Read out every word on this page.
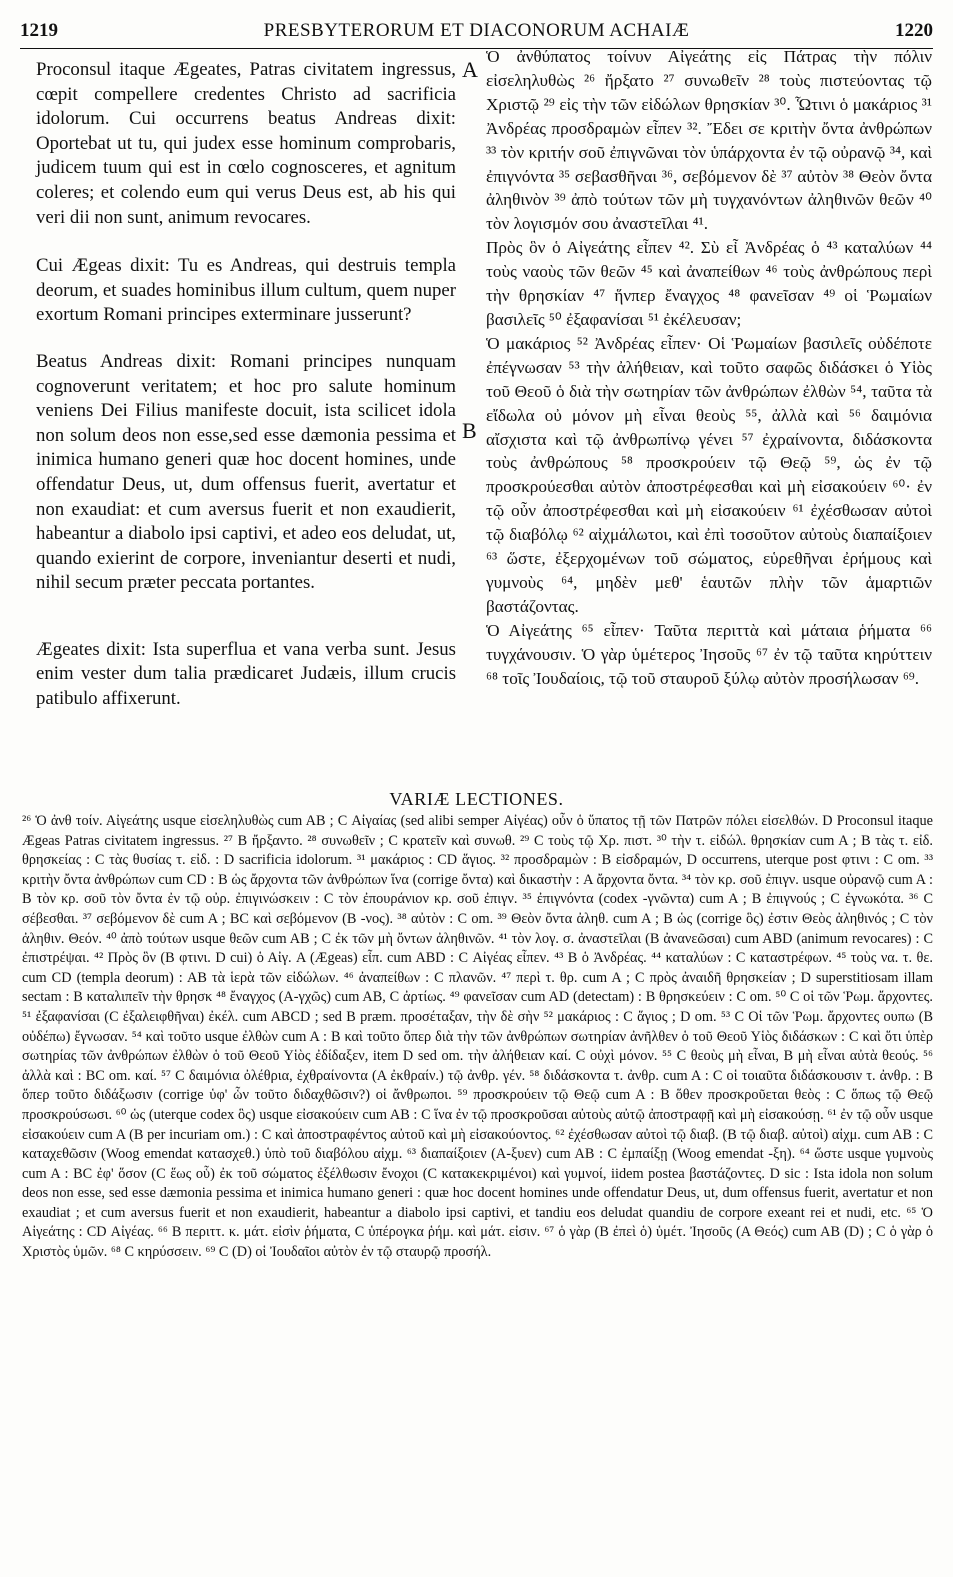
1219	PRESBYTERORUM ET DIACONORUM ACHAIÆ	1220

Proconsul itaque Ægeates, Patras civitatem ingressus, cœpit compellere credentes Christo ad sacrificia idolorum. Cui occurrens beatus Andreas dixit: Oportebat ut tu, qui judex esse hominum comprobaris, judicem tuum qui est in cœlo cognosceres, et agnitum coleres; et colendo eum qui verus Deus est, ab his qui veri dii non sunt, animum revocares.

Cui Ægeas dixit: Tu es Andreas, qui destruis templa deorum, et suades hominibus illum cultum, quem nuper exortum Romani principes exterminare jusserunt?

Beatus Andreas dixit: Romani principes nunquam cognoverunt veritatem; et hoc pro salute hominum veniens Dei Filius manifeste docuit, ista scilicet idola non solum deos non esse,sed esse dæmonia pessima et inimica humano generi quæ hoc docent homines, unde offendatur Deus, ut, dum offensus fuerit, avertatur et non exaudiat: et cum aversus fuerit et non exaudierit, habeantur a diabolo ipsi captivi, et adeo eos deludat, ut, quando exierint de corpore, inveniantur deserti et nudi, nihil secum præter peccata portantes.

Ægeates dixit: Ista superflua et vana verba sunt. Jesus enim vester dum talia prædicaret Judæis, illum crucis patibulo affixerunt.

A
B

Ὁ ἀνθύπατος τοίνυν Αἰγεάτης εἰς Πάτρας τὴν πόλιν εἰσεληλυθὼς ²⁶ ἤρξατο ²⁷ συνωθεῖν ²⁸ τοὺς πιστεύοντας τῷ Χριστῷ ²⁹ εἰς τὴν τῶν εἰδώλων θρησκίαν ³⁰. Ὧτινι ὁ μακάριος ³¹ Ἀνδρέας προσδραμὼν εἶπεν ³². Ἔδει σε κριτὴν ὄντα ἀνθρώπων ³³ τὸν κριτήν σοῦ ἐπιγνῶναι τὸν ὑπάρχοντα ἐν τῷ οὐρανῷ ³⁴, καὶ ἐπιγνόντα ³⁵ σεβασθῆναι ³⁶, σεβόμενον δὲ ³⁷ αὐτὸν ³⁸ Θεὸν ὄντα ἀληθινὸν ³⁹ ἀπὸ τούτων τῶν μὴ τυγχανόντων ἀληθινῶν θεῶν ⁴⁰ τὸν λογισμόν σου ἀναστεῖλαι ⁴¹.

Πρὸς ὃν ὁ Αἰγεάτης εἶπεν ⁴². Σὺ εἶ Ἀνδρέας ὁ ⁴³ καταλύων ⁴⁴ τοὺς ναοὺς τῶν θεῶν ⁴⁵ καὶ ἀναπείθων ⁴⁶ τοὺς ἀνθρώπους περὶ τὴν θρησκίαν ⁴⁷ ἥνπερ ἔναγχος ⁴⁸ φανεῖσαν ⁴⁹ οἱ Ῥωμαίων βασιλεῖς ⁵⁰ ἐξαφανίσαι ⁵¹ ἐκέλευσαν;

Ὁ μακάριος ⁵² Ἀνδρέας εἶπεν· Οἱ Ῥωμαίων βασιλεῖς οὐδέποτε ἐπέγνωσαν ⁵³ τὴν ἀλήθειαν, καὶ τοῦτο σαφῶς διδάσκει ὁ Υἱὸς τοῦ Θεοῦ ὁ διὰ τὴν σωτηρίαν τῶν ἀνθρώπων ἐλθὼν ⁵⁴, ταῦτα τὰ εἴδωλα οὐ μόνον μὴ εἶναι θεοὺς ⁵⁵, ἀλλὰ καὶ ⁵⁶ δαιμόνια αἴσχιστα καὶ τῷ ἀνθρωπίνῳ γένει ⁵⁷ ἐχραίνοντα, διδάσκοντα τοὺς ἀνθρώπους ⁵⁸ προσκρούειν τῷ Θεῷ ⁵⁹, ὡς ἐν τῷ προσκρούεσθαι αὐτὸν ἀποστρέφεσθαι καὶ μὴ εἰσακούειν ⁶⁰· ἐν τῷ οὖν ἀποστρέφεσθαι καὶ μὴ εἰσακούειν ⁶¹ ἐχέσθωσαν αὐτοὶ τῷ διαβόλῳ ⁶² αἰχμάλωτοι, καὶ ἐπὶ τοσοῦτον αὐτοὺς διαπαίξοιεν ⁶³ ὥστε, ἐξερχομένων τοῦ σώματος, εὑρεθῆναι ἐρήμους καὶ γυμνοὺς ⁶⁴, μηδὲν μεθ' ἑαυτῶν πλὴν τῶν ἁμαρτιῶν βαστάζοντας.

Ὁ Αἰγεάτης ⁶⁵ εἶπεν· Ταῦτα περιττὰ καὶ μάταια ῥήματα ⁶⁶ τυγχάνουσιν. Ὁ γὰρ ὑμέτερος Ἰησοῦς ⁶⁷ ἐν τῷ ταῦτα κηρύττειν ⁶⁸ τοῖς Ἰουδαίοις, τῷ τοῦ σταυροῦ ξύλῳ αὐτὸν προσήλωσαν ⁶⁹.

VARIÆ LECTIONES.

²⁶ Ὁ ἀνθ τοίν. Αἰγεάτης usque εἰσεληλυθὼς cum AB ; C Αἰγαίας (sed alibi semper Αἰγέας) οὖν ὁ ὕπατος τῇ τῶν Πατρῶν πόλει εἰσελθών. D Proconsul itaque Ægeas Patras civitatem ingressus. ²⁷ B ἤρξαντο. ²⁸ συνωθεῖν ; C κρατεῖν καὶ συνωθ. ²⁹ C τοὺς τῷ Χρ. πιστ. ³⁰ τὴν τ. εἰδώλ. θρησκίαν cum A ; B τὰς τ. εἰδ. θρησκείας : C τὰς θυσίας τ. εἰδ. : D sacrificia idolorum. ³¹ μακάριος : CD ἅγιος. ³² προσδραμὼν : B εἰσδραμών, D occurrens, uterque post φτινι : C om. ³³ κριτὴν ὄντα ἀνθρώπων cum CD : B ὡς ἄρχοντα τῶν ἀνθρώπων ἵνα (corrige ὄντα) καὶ δικαστὴν : A ἄρχοντα ὄντα. ³⁴ τὸν κρ. σοῦ ἐπιγν. usque οὐρανῷ cum A : B τὸν κρ. σοῦ τὸν ὄντα ἐν τῷ οὐρ. ἐπιγινώσκειν : C τὸν ἐπουράνιον κρ. σοῦ ἐπιγν. ³⁵ ἐπιγνόντα (codex -γνῶντα) cum A ; B ἐπιγνούς ; C ἐγνωκότα. ³⁶ C σέβεσθαι. ³⁷ σεβόμενον δὲ cum A ; BC καὶ σεβόμενον (B -νος). ³⁸ αὐτὸν : C om. ³⁹ Θεὸν ὄντα ἀληθ. cum A ; B ὡς (corrige ὃς) ἐστιν Θεὸς ἀληθινός ; C τὸν ἀληθιν. Θεόν. ⁴⁰ ἀπὸ τούτων usque θεῶν cum AB ; C ἐκ τῶν μὴ ὄντων ἀληθινῶν. ⁴¹ τὸν λογ. σ. ἀναστεῖλαι (B ἀνανεῶσαι) cum ABD (animum revocares) : C ἐπιστρέψαι. ⁴² Πρὸς ὃν (B φτινι. D cui) ὁ Αἰγ. A (Ægeas) εἶπ. cum ABD : C Αἰγέας εἶπεν. ⁴³ B ὁ Ἀνδρέας. ⁴⁴ καταλύων : C καταστρέφων. ⁴⁵ τοὺς να. τ. θε. cum CD (templa deorum) : AB τὰ ἱερὰ τῶν εἰδώλων. ⁴⁶ ἀναπείθων : C πλανῶν. ⁴⁷ περὶ τ. θρ. cum A ; C πρὸς ἀναιδῆ θρησκείαν ; D superstitiosam illam sectam : B καταλιπεῖν τὴν θρησκ ⁴⁸ ἔναγχος (A-γχῶς) cum AB, C ἀρτίως. ⁴⁹ φανεῖσαν cum AD (detectam) : B θρησκεύειν : C om. ⁵⁰ C οἱ τῶν Ῥωμ. ἄρχοντες. ⁵¹ ἐξαφανίσαι (C ἐξαλειφθῆναι) ἐκέλ. cum ABCD ; sed B præm. προσέταξαν, τὴν δὲ σὴν ⁵² μακάριος : C ἅγιος ; D om. ⁵³ C Οἱ τῶν Ῥωμ. ἄρχοντες ουπω (B οὐδέπω) ἔγνωσαν. ⁵⁴ καὶ τοῦτο usque ἐλθὼν cum A : B καὶ τοῦτο ὅπερ διὰ τὴν τῶν ἀνθρώπων σωτηρίαν ἀνῆλθεν ὁ τοῦ Θεοῦ Υἱὸς διδάσκων : C καὶ ὅτι ὑπὲρ σωτηρίας τῶν ἀνθρώπων ἐλθὼν ὁ τοῦ Θεοῦ Υἱὸς ἐδίδαξεν, item D sed om. τὴν ἀλήθειαν καί. C οὐχὶ μόνον. ⁵⁵ C θεοὺς μὴ εἶναι, B μὴ εἶναι αὐτὰ θεούς. ⁵⁶ ἀλλὰ καὶ : BC om. καί. ⁵⁷ C δαιμόνια ὀλέθρια, ἐχθραίνοντα (A ἐκθραίν.) τῷ ἀνθρ. γέν. ⁵⁸ διδάσκοντα τ. ἀνθρ. cum A : C οἱ τοιαῦτα διδάσκουσιν τ. ἀνθρ. : B ὅπερ τοῦτο διδάξωσιν (corrige ὑφ' ὧν τοῦτο διδαχθῶσιν?) οἱ ἄνθρωποι. ⁵⁹ προσκρούειν τῷ Θεῷ cum A : B ὅθεν προσκροῦεται θεὸς : C ὅπως τῷ Θεῷ προσκρούσωσι. ⁶⁰ ὡς (uterque codex ὃς) usque εἰσακούειν cum AB : C ἵνα ἐν τῷ προσκροῦσαι αὐτοὺς αὐτῷ ἀποστραφῇ καὶ μὴ εἰσακούσῃ. ⁶¹ ἐν τῷ οὖν usque εἰσακούειν cum A (B per incuriam om.) : C καὶ ἀποστραφέντος αὐτοῦ καὶ μὴ εἰσακούοντος. ⁶² ἐχέσθωσαν αὐτοὶ τῷ διαβ. (B τῷ διαβ. αὐτοὶ) αἰχμ. cum AB : C καταχεθῶσιν (Woog emendat κατασχεθ.) ὑπὸ τοῦ διαβόλου αἰχμ. ⁶³ διαπαίξοιεν (A-ξυεν) cum AB : C ἐμπαίξῃ (Woog emendat -ξη). ⁶⁴ ὥστε usque γυμνοὺς cum A : BC ἐφ' ὅσον (C ἕως οὗ) ἐκ τοῦ σώματος ἐξέλθωσιν ἔνοχοι (C κατακεκριμένοι) καὶ γυμνοί, iidem postea βαστάζοντες. D sic : Ista idola non solum deos non esse, sed esse dæmonia pessima et inimica humano generi : quæ hoc docent homines unde offendatur Deus, ut, dum offensus fuerit, avertatur et non exaudiat ; et cum aversus fuerit et non exaudierit, habeantur a diabolo ipsi captivi, et tandiu eos deludat quandiu de corpore exeant rei et nudi, etc. ⁶⁵ Ὁ Αἰγεάτης : CD Αἰγέας. ⁶⁶ B περιττ. κ. μάτ. εἰσὶν ῥήματα, C ὑπέρογκα ῥήμ. καὶ μάτ. εἰσιν. ⁶⁷ ὁ γὰρ (B ἐπεὶ ὁ) ὑμέτ. Ἰησοῦς (A Θεός) cum AB (D) ; C ὁ γὰρ ὁ Χριστὸς ὑμῶν. ⁶⁸ C κηρύσσειν. ⁶⁹ C (D) οἱ Ἰουδαῖοι αὐτὸν ἐν τῷ σταυρῷ προσήλ.
